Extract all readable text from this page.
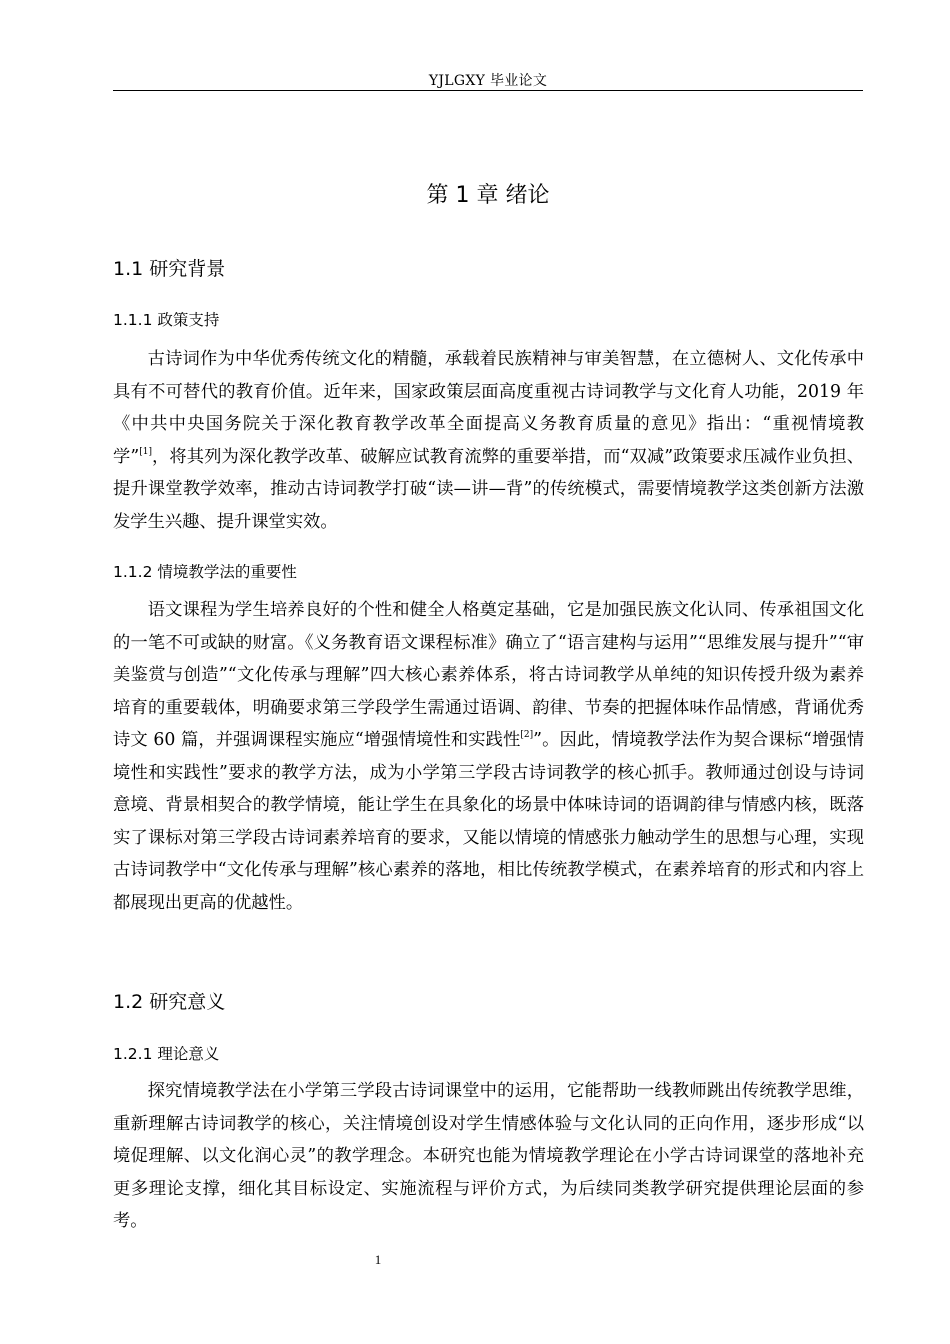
YJLGXY 毕业论文
第 1 章 绪论
1.1 研究背景
1.1.1 政策支持

古诗词作为中华优秀传统文化的精髓，承载着民族精神与审美智慧，在立德树人、文化传承中具有不可替代的教育价值。近年来，国家政策层面高度重视古诗词教学与文化育人功能，2019 年《中共中央国务院关于深化教育教学改革全面提高义务教育质量的意见》指出：“重视情境教学”[1]，将其列为深化教学改革、破解应试教育流弊的重要举措，而“双减”政策要求压减作业负担、提升课堂教学效率，推动古诗词教学打破“读—讲—背”的传统模式，需要情境教学这类创新方法激发学生兴趣、提升课堂实效。

1.1.2 情境教学法的重要性

语文课程为学生培养良好的个性和健全人格奠定基础，它是加强民族文化认同、传承祖国文化的一笔不可或缺的财富。《义务教育语文课程标准》确立了“语言建构与运用”“思维发展与提升”“审美鉴赏与创造”“文化传承与理解”四大核心素养体系，将古诗词教学从单纯的知识传授升级为素养培育的重要载体，明确要求第三学段学生需通过语调、韵律、节奏的把握体味作品情感，背诵优秀诗文 60 篇，并强调课程实施应“增强情境性和实践性[2]”。因此，情境教学法作为契合课标“增强情境性和实践性”要求的教学方法，成为小学第三学段古诗词教学的核心抓手。教师通过创设与诗词意境、背景相契合的教学情境，能让学生在具象化的场景中体味诗词的语调韵律与情感内核，既落实了课标对第三学段古诗词素养培育的要求，又能以情境的情感张力触动学生的思想与心理，实现古诗词教学中“文化传承与理解”核心素养的落地，相比传统教学模式，在素养培育的形式和内容上都展现出更高的优越性。

1.2 研究意义
1.2.1 理论意义

探究情境教学法在小学第三学段古诗词课堂中的运用，它能帮助一线教师跳出传统教学思维，重新理解古诗词教学的核心，关注情境创设对学生情感体验与文化认同的正向作用，逐步形成“以境促理解、以文化润心灵”的教学理念。本研究也能为情境教学理论在小学古诗词课堂的落地补充更多理论支撑，细化其目标设定、实施流程与评价方式，为后续同类教学研究提供理论层面的参考。

1
